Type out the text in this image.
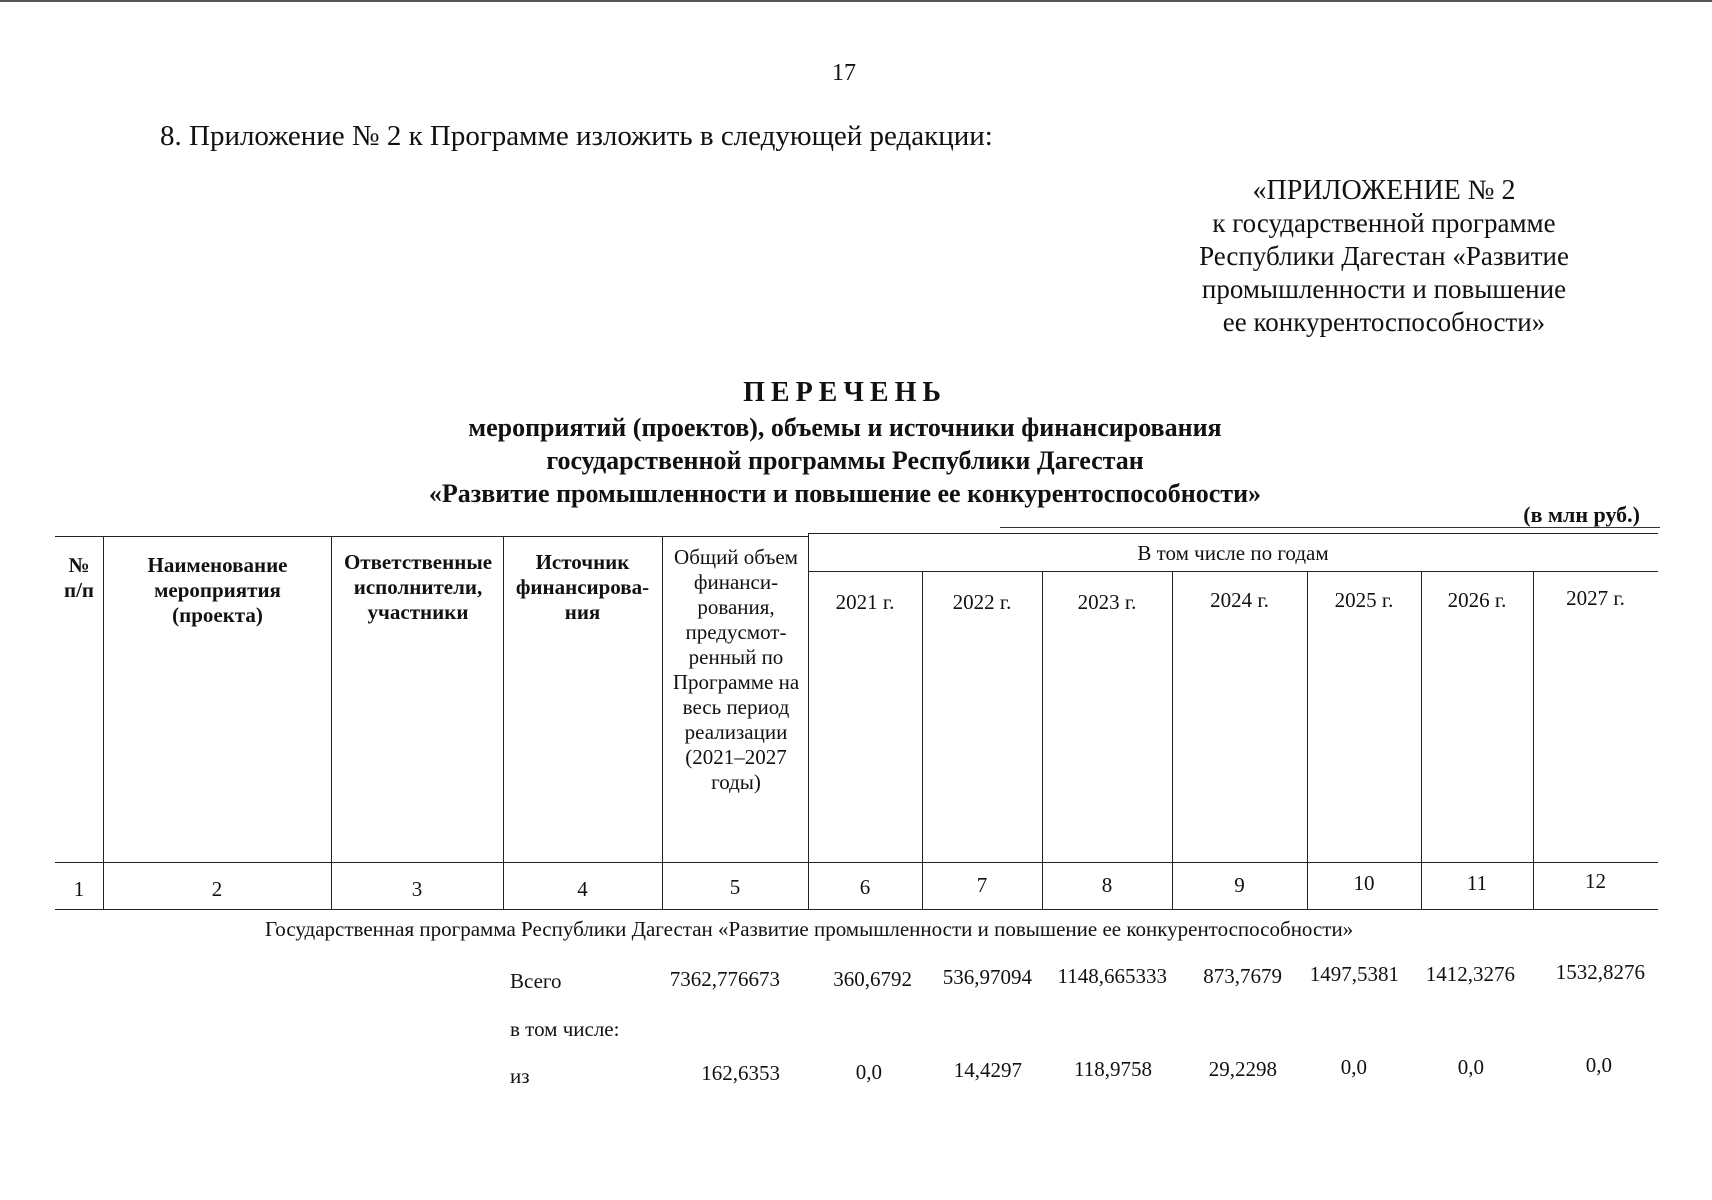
17
8. Приложение № 2 к Программе изложить в следующей редакции:
«ПРИЛОЖЕНИЕ № 2
к государственной программе
Республики Дагестан «Развитие
промышленности и повышение
ее конкурентоспособности»
ПЕРЕЧЕНЬ
мероприятий (проектов), объемы и источники финансирования
государственной программы Республики Дагестан
«Развитие промышленности и повышение ее конкурентоспособности»
(в млн руб.)
№ п/п
Наименование мероприятия (проекта)
Ответственные исполнители, участники
Источник финансирова-ния
Общий объем финанси-рования, предусмот-ренный по Программе на весь период реализации (2021–2027 годы)
В том числе по годам
2021 г.	2022 г.	2023 г.	2024 г.	2025 г.	2026 г.	2027 г.
1	2	3	4	5	6	7	8	9	10	11	12
Государственная программа Республики Дагестан «Развитие промышленности и повышение ее конкурентоспособности»
Всего	7362,776673	360,6792 536,97094 1148,665333 873,7679 1497,5381 1412,3276 1532,8276
в том числе:
из	162,6353	0,0	14,4297 118,9758	29,2298	0,0	0,0	0,0
